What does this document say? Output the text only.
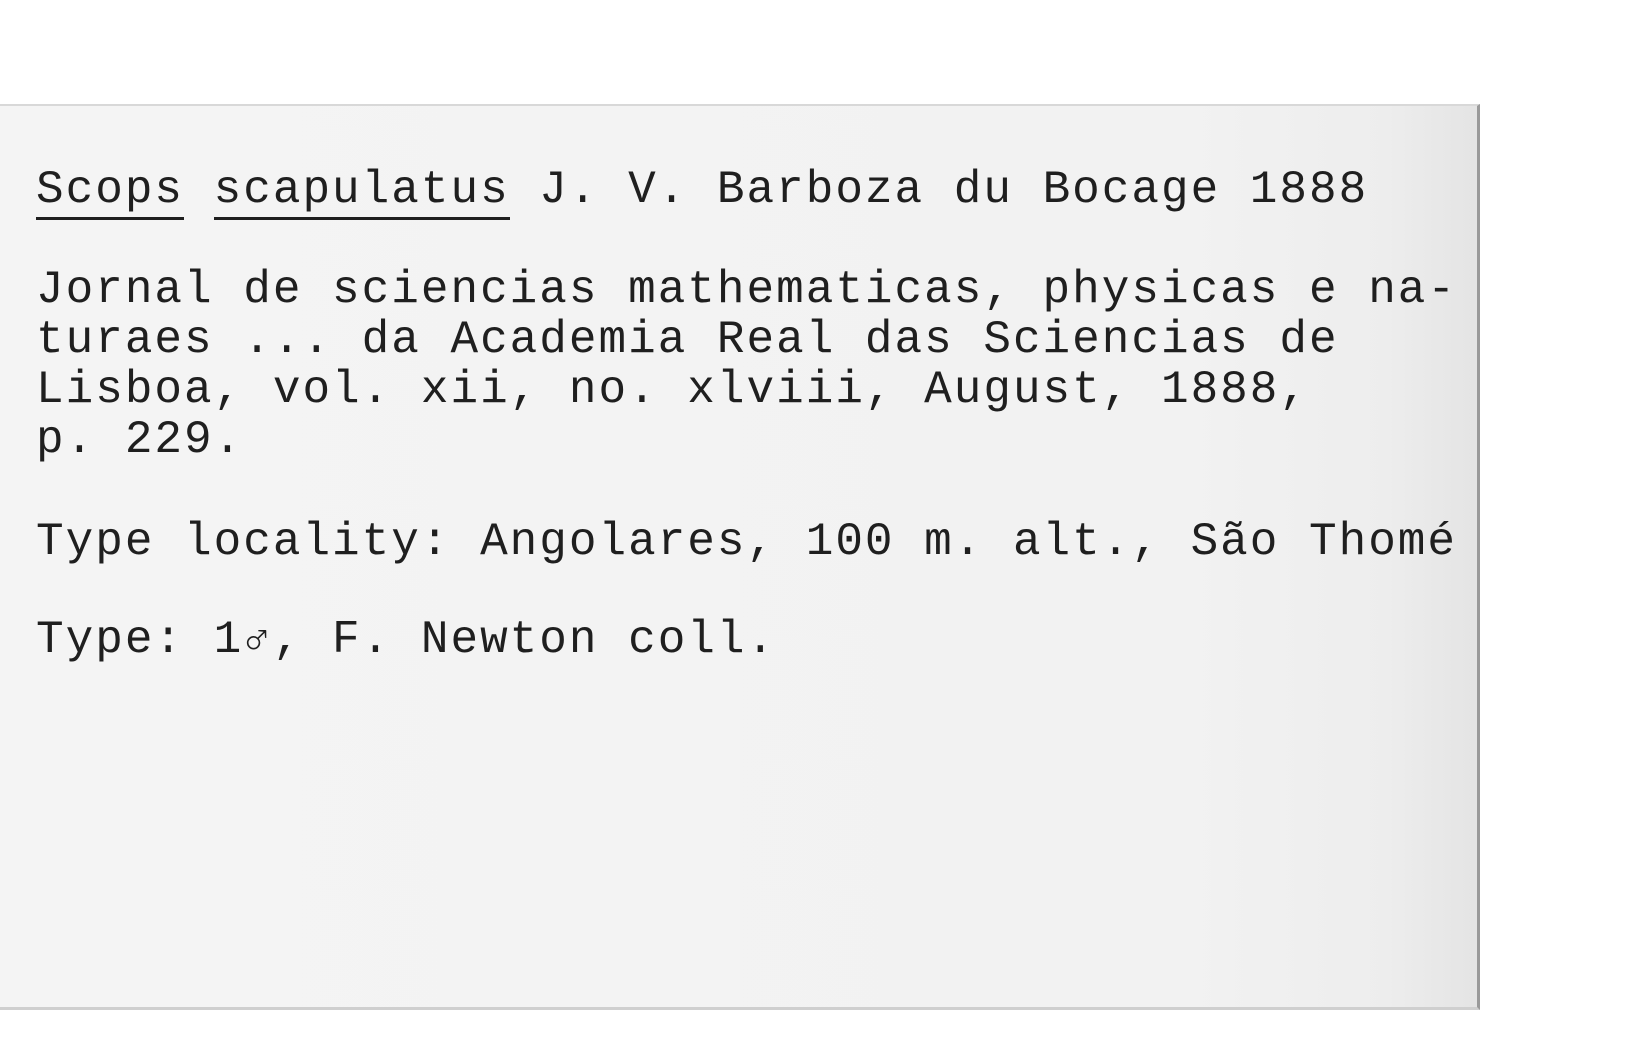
Scops scapulatus J. V. Barboza du Bocage 1888
Jornal de sciencias mathematicas, physicas e na-
turaes ... da Academia Real das Sciencias de
Lisboa, vol. xii, no. xlviii, August, 1888,
p. 229.
Type locality: Angolares, 100 m. alt., São Thomé
Type: 1♂, F. Newton coll.
